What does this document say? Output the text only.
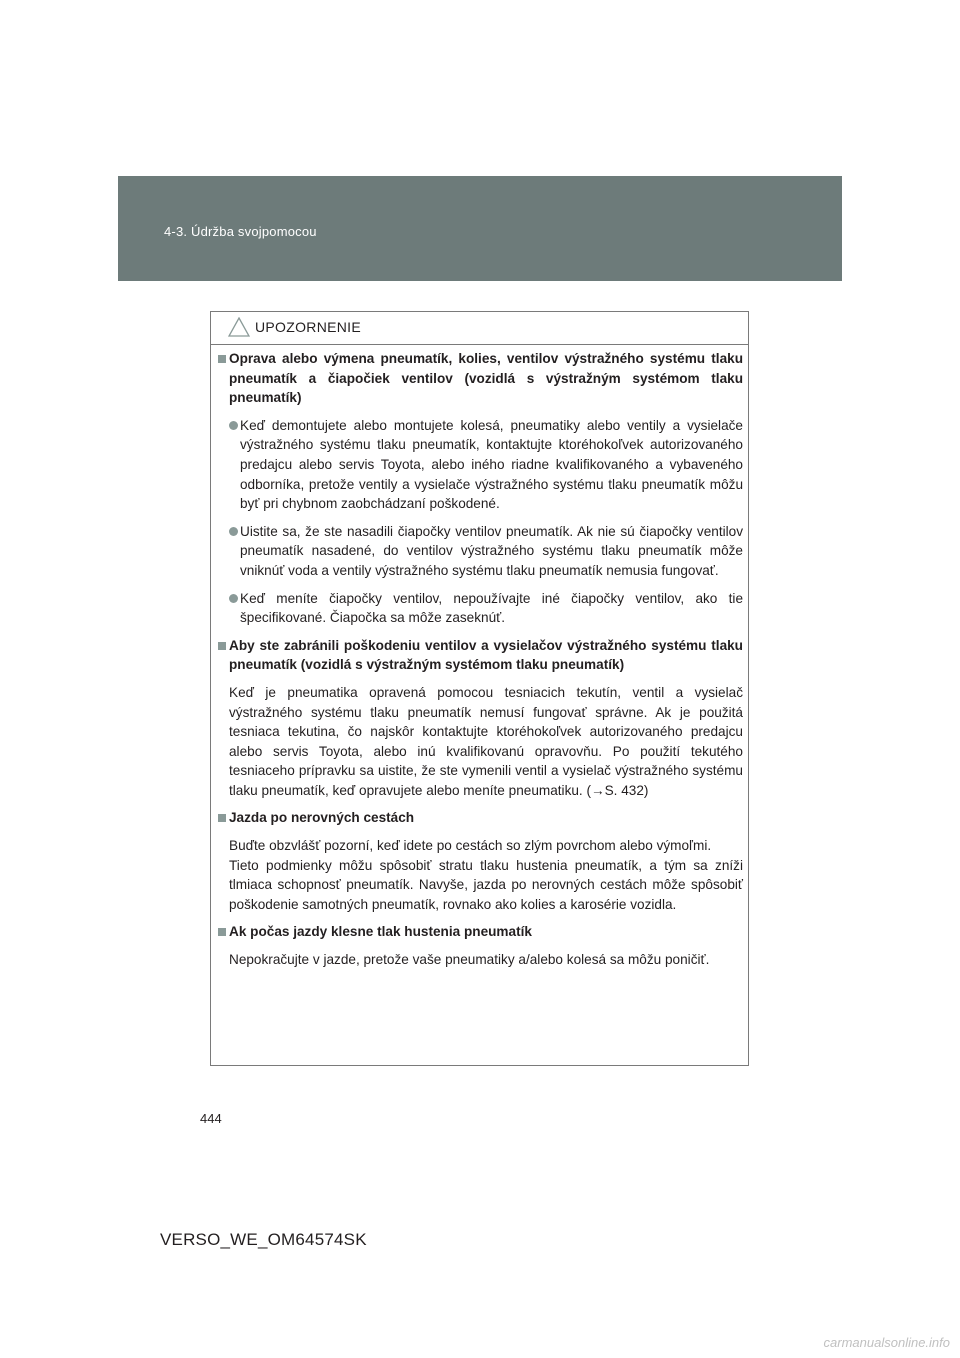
4-3. Údržba svojpomocou
UPOZORNENIE
Oprava alebo výmena pneumatík, kolies, ventilov výstražného systému tlaku pneumatík a čiapočiek ventilov (vozidlá s výstražným systémom tlaku pneumatík)
Keď demontujete alebo montujete kolesá, pneumatiky alebo ventily a vysielače výstražného systému tlaku pneumatík, kontaktujte ktoréhokoľvek autorizovaného predajcu alebo servis Toyota, alebo iného riadne kvalifikovaného a vybaveného odborníka, pretože ventily a vysielače výstražného systému tlaku pneumatík môžu byť pri chybnom zaobchádzaní poškodené.
Uistite sa, že ste nasadili čiapočky ventilov pneumatík. Ak nie sú čiapočky ventilov pneumatík nasadené, do ventilov výstražného systému tlaku pneumatík môže vniknúť voda a ventily výstražného systému tlaku pneumatík nemusia fungovať.
Keď meníte čiapočky ventilov, nepoužívajte iné čiapočky ventilov, ako tie špecifikované. Čiapočka sa môže zaseknúť.
Aby ste zabránili poškodeniu ventilov a vysielačov výstražného systému tlaku pneumatík (vozidlá s výstražným systémom tlaku pneumatík)
Keď je pneumatika opravená pomocou tesniacich tekutín, ventil a vysielač výstražného systému tlaku pneumatík nemusí fungovať správne. Ak je použitá tesniaca tekutina, čo najskôr kontaktujte ktoréhokoľvek autorizovaného predajcu alebo servis Toyota, alebo inú kvalifikovanú opravovňu. Po použití tekutého tesniaceho prípravku sa uistite, že ste vymenili ventil a vysielač výstražného systému tlaku pneumatík, keď opravujete alebo meníte pneumatiku. (→S. 432)
Jazda po nerovných cestách
Buďte obzvlášť pozorní, keď idete po cestách so zlým povrchom alebo výmoľmi.
Tieto podmienky môžu spôsobiť stratu tlaku hustenia pneumatík, a tým sa zníži tlmiaca schopnosť pneumatík. Navyše, jazda po nerovných cestách môže spôsobiť poškodenie samotných pneumatík, rovnako ako kolies a karosérie vozidla.
Ak počas jazdy klesne tlak hustenia pneumatík
Nepokračujte v jazde, pretože vaše pneumatiky a/alebo kolesá sa môžu poničiť.
444
VERSO_WE_OM64574SK
carmanualsonline.info
